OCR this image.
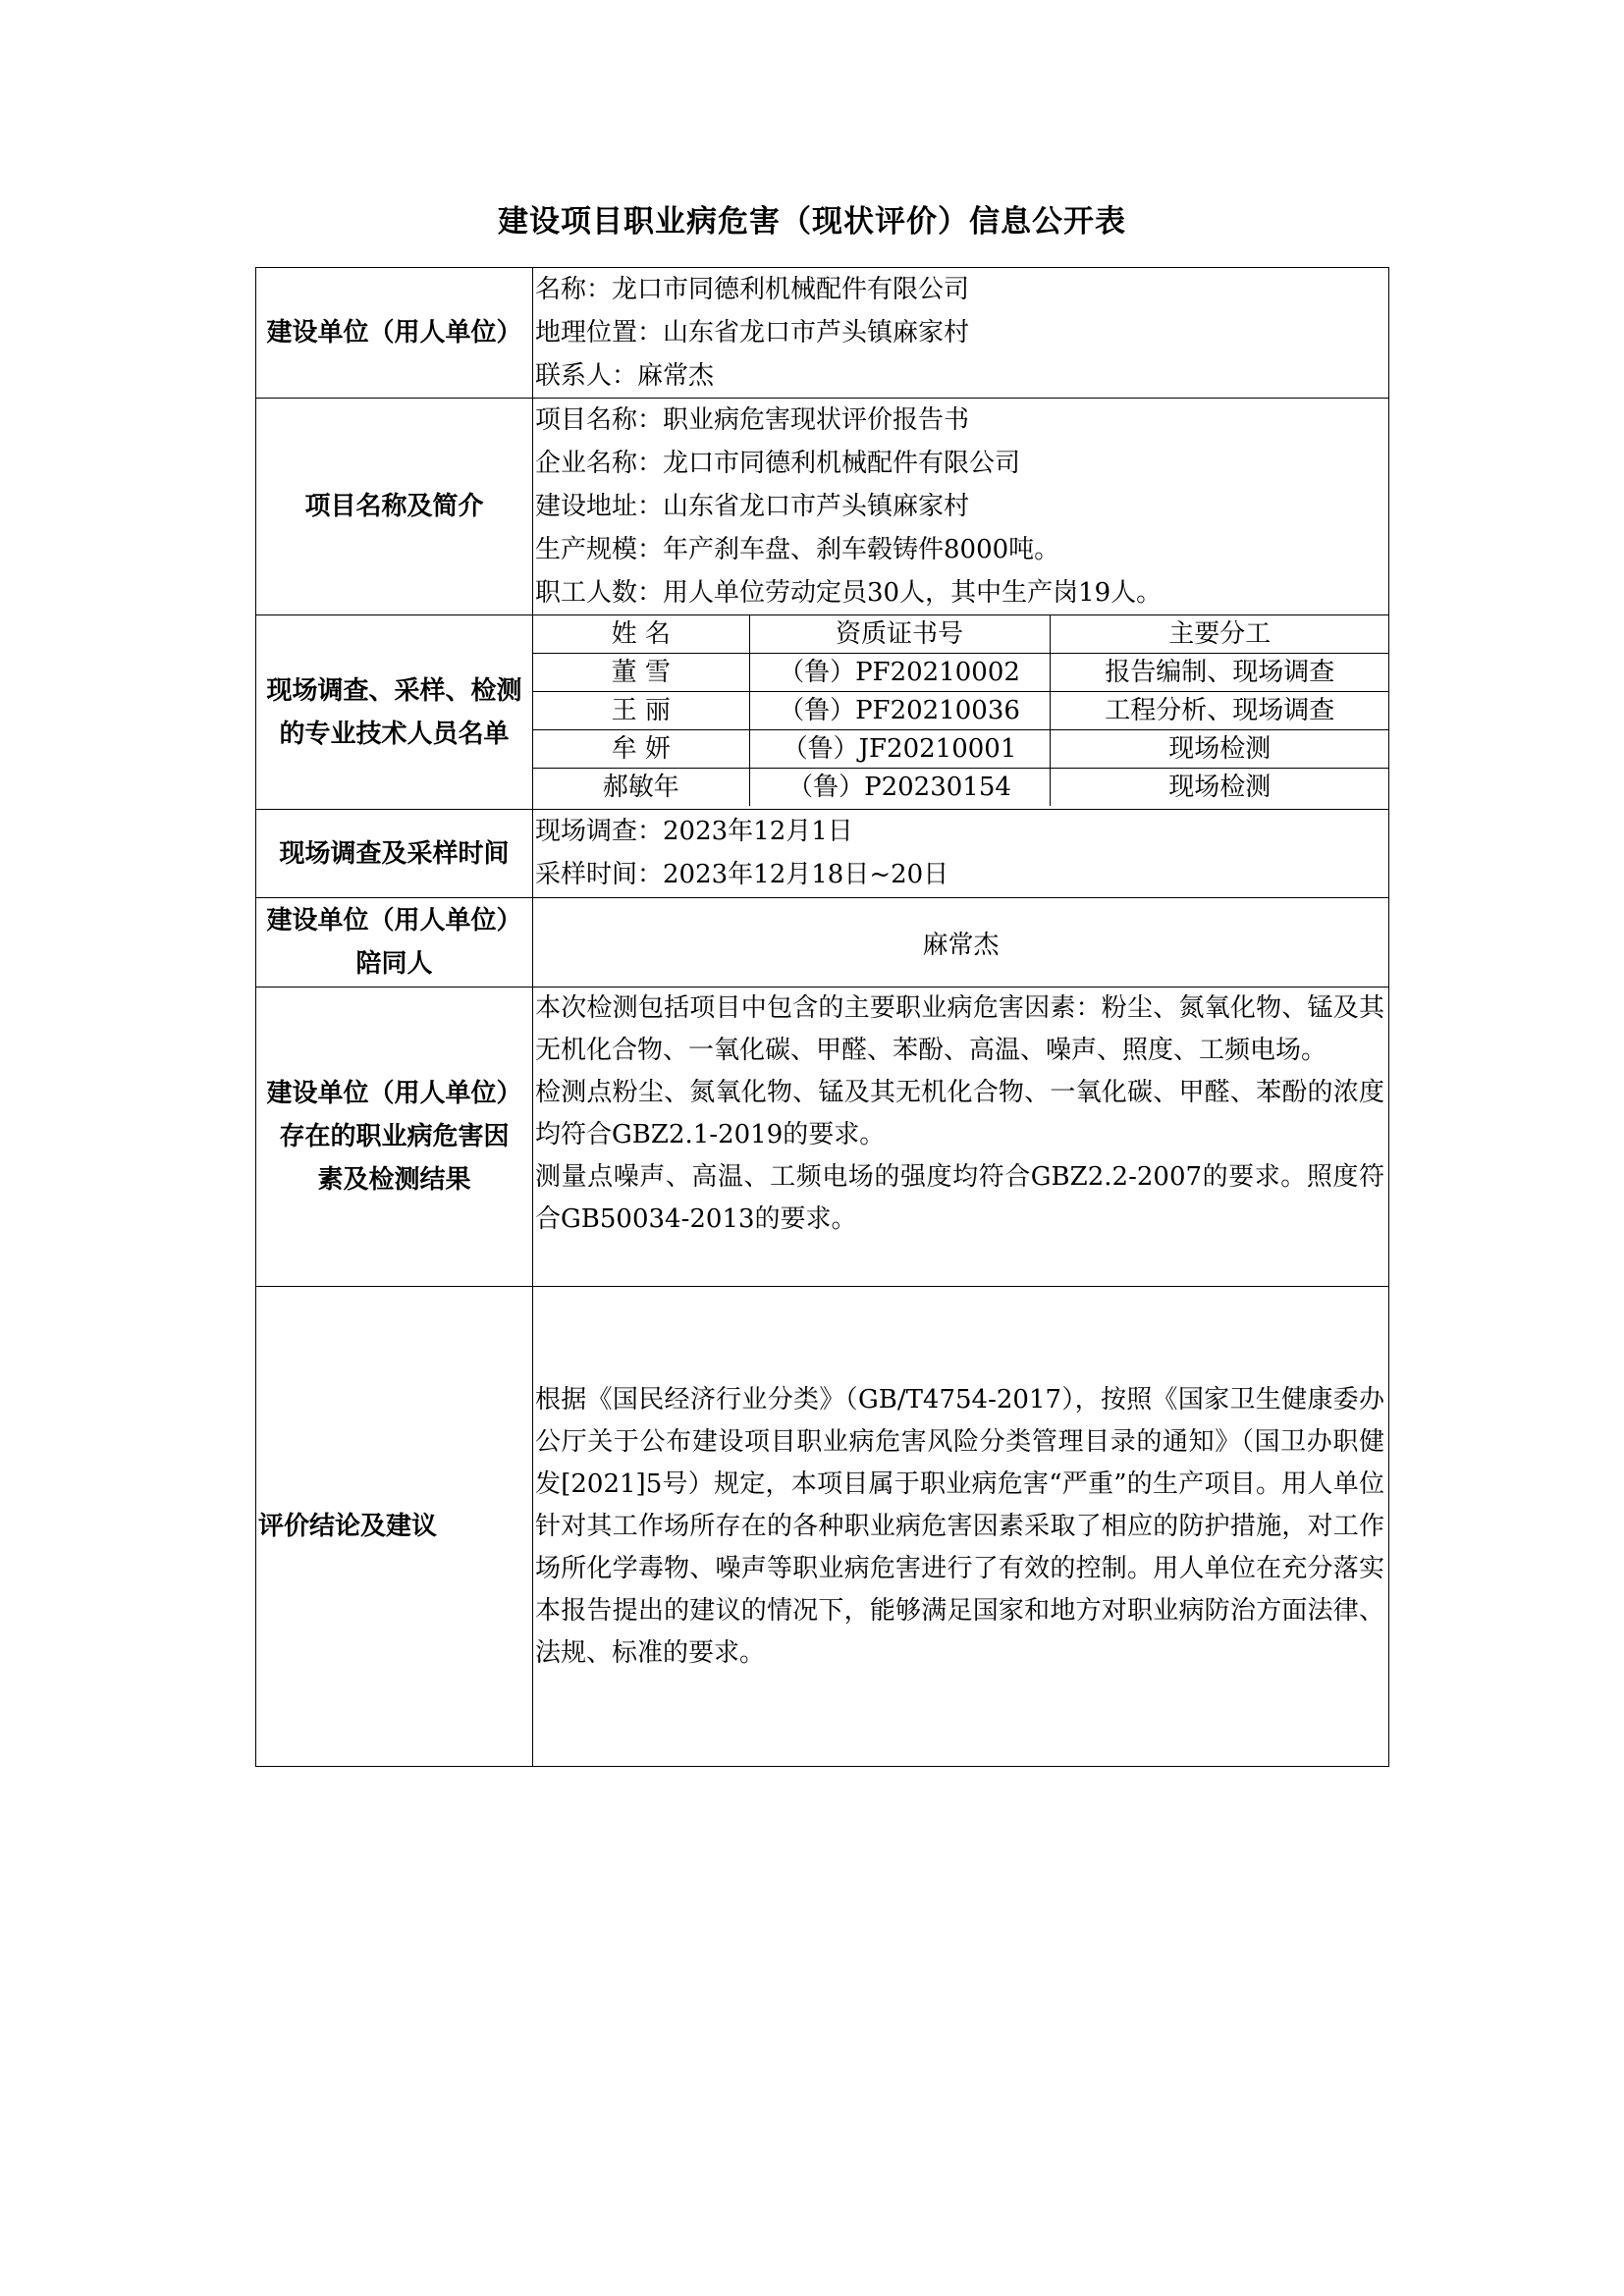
建设项目职业病危害（现状评价）信息公开表
建设单位（用人单位）	
名称：龙口市同德利机械配件有限公司
地理位置：山东省龙口市芦头镇麻家村
联系人：麻常杰

项目名称及简介	
项目名称：职业病危害现状评价报告书
企业名称：龙口市同德利机械配件有限公司
建设地址：山东省龙口市芦头镇麻家村
生产规模：年产刹车盘、刹车毂铸件8000吨。
职工人数：用人单位劳动定员30人，其中生产岗19人。

现场调查、采样、检测
的专业技术人员名单

姓 名	资质证书号	主要分工
董 雪	（鲁）PF20210002	报告编制、现场调查
王 丽	（鲁）PF20210036	工程分析、现场调查
牟 妍	（鲁）JF20210001	现场检测
郝敏年	（鲁）P20230154	现场检测

现场调查及采样时间	
现场调查：2023年12月1日
采样时间：2023年12月18日~20日

建设单位（用人单位）
陪同人
	麻常杰

建设单位（用人单位）
存在的职业病危害因
素及检测结果

本次检测包括项目中包含的主要职业病危害因素：粉尘、氮氧化物、锰及其无机化合物、一氧化碳、甲醛、苯酚、高温、噪声、照度、工频电场。
检测点粉尘、氮氧化物、锰及其无机化合物、一氧化碳、甲醛、苯酚的浓度均符合GBZ2.1-2019的要求。
测量点噪声、高温、工频电场的强度均符合GBZ2.2-2007的要求。照度符合GB50034-2013的要求。

评价结论及建议	
根据《国民经济行业分类》（GB/T4754-2017），按照《国家卫生健康委办公厅关于公布建设项目职业病危害风险分类管理目录的通知》（国卫办职健发[2021]5号）规定，本项目属于职业病危害“严重”的生产项目。用人单位针对其工作场所存在的各种职业病危害因素采取了相应的防护措施，对工作场所化学毒物、噪声等职业病危害进行了有效的控制。用人单位在充分落实本报告提出的建议的情况下，能够满足国家和地方对职业病防治方面法律、法规、标准的要求。
